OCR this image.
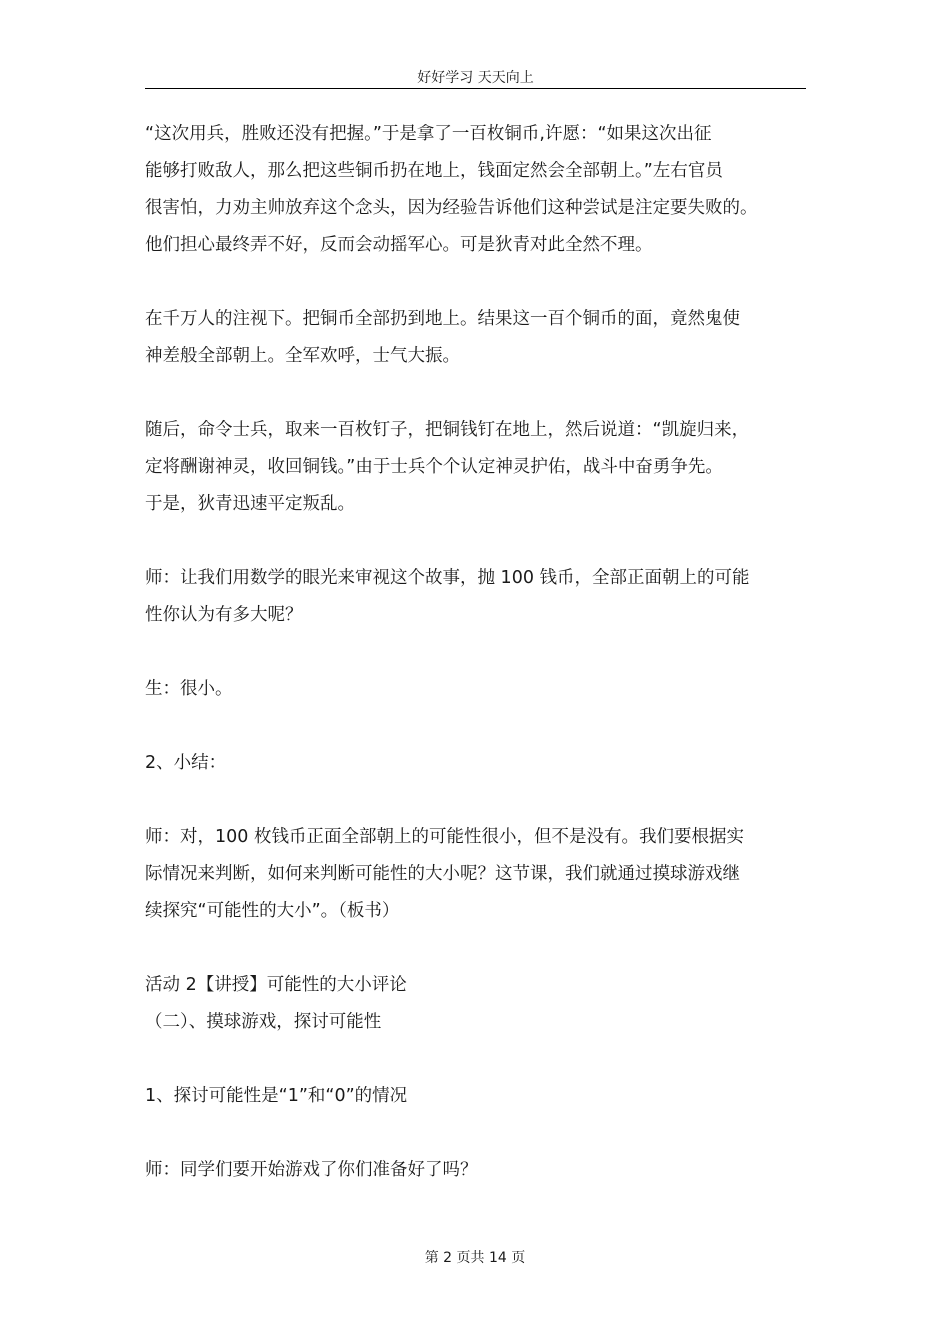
好好学习 天天向上

“这次用兵，胜败还没有把握。”于是拿了一百枚铜币,许愿：“如果这次出征

能够打败敌人，那么把这些铜币扔在地上，钱面定然会全部朝上。”左右官员

很害怕，力劝主帅放弃这个念头，因为经验告诉他们这种尝试是注定要失败的。

他们担心最终弄不好，反而会动摇军心。可是狄青对此全然不理。

在千万人的注视下。把铜币全部扔到地上。结果这一百个铜币的面，竟然鬼使

神差般全部朝上。全军欢呼，士气大振。

随后，命令士兵，取来一百枚钉子，把铜钱钉在地上，然后说道：“凯旋归来，

定将酬谢神灵，收回铜钱。”由于士兵个个认定神灵护佑，战斗中奋勇争先。

于是，狄青迅速平定叛乱。

师：让我们用数学的眼光来审视这个故事，抛 100 钱币，全部正面朝上的可能

性你认为有多大呢？

生：很小。

2、小结：

师：对，100 枚钱币正面全部朝上的可能性很小，但不是没有。我们要根据实

际情况来判断，如何来判断可能性的大小呢？这节课，我们就通过摸球游戏继

续探究“可能性的大小”。（板书）

活动 2【讲授】可能性的大小评论

（二）、摸球游戏，探讨可能性

1、探讨可能性是“1”和“0”的情况

师：同学们要开始游戏了你们准备好了吗？

第 2 页共 14 页
